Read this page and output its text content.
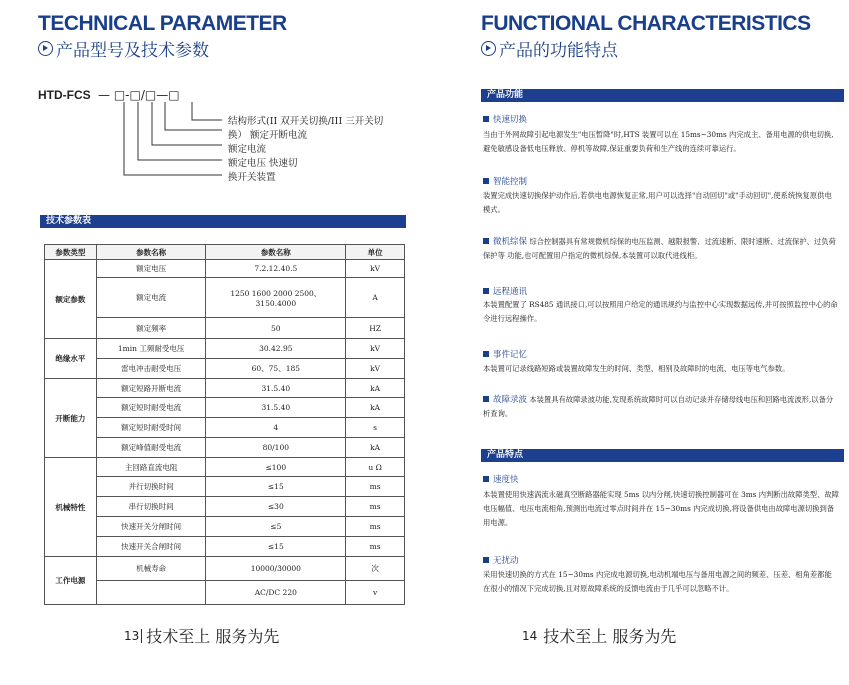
TECHNICAL PARAMETER
产品型号及技术参数
HTD-FCS — □-□/□—□
结构形式(II 双开关切换/III 三开关切
换） 额定开断电流
额定电流
额定电压 快速切
换开关装置
技术参数表
参数类型	参数名称	参数名称	单位
额定参数	额定电压	7.2.12.40.5	kV
	额定电流	1250 1600 2000 2500、3150.4000	A
	额定频率	50	HZ
绝缘水平	1min 工频耐受电压	30.42.95	kV
	雷电冲击耐受电压	60、75、185	kV
开断能力	额定短路开断电流	31.5.40	kA
	额定短时耐受电流	31.5.40	kA
	额定短时耐受时间	4	s
	额定峰值耐受电流	80/100	kA
机械特性	主回路直流电阻	≤100	u Ω
	并行切换时间	≤15	ms
	串行切换时间	≤30	ms
	快速开关分闸时间	≤5	ms
	快速开关合闸时间	≤15	ms
工作电源	机械寿命	10000/30000	次
		AC/DC 220	v
13 技术至上 服务为先
FUNCTIONAL CHARACTERISTICS
产品的功能特点
产品功能
快速切换
当由于外网故障引起电源发生"电压暂降"时,HTS 装置可以在 15ms~30ms 内完成主、备用电源的供电切换,避免敏感设备低电压释放、停机等故障,保证重要负荷和生产线的连续可靠运行。
智能控制
装置完成快速切换保护动作后,若供电电源恢复正常,用户可以选择"自动回切"或"手动回切",使系统恢复原供电模式。
微机综保 综合控制器具有常规微机综保的电压监测、越限报警、过流速断、限时速断、过流保护、过负荷保护等 功能,也可配置用户指定的微机综保,本装置可以取代进线柜。
远程通讯
本装置配置了 RS485 通讯接口,可以按照用户给定的通讯规约与监控中心实现数据远传,并可按照监控中心的命令进行远程操作。
事件记忆
本装置可记录线路短路或装置故障发生的时间、类型、相别及故障时的电流、电压等电气参数。
故障录波 本装置具有故障录波功能,发现系统故障时可以自动记录并存储母线电压和回路电流波形,以备分 析查询。
产品特点
速度快
本装置使用快速涡流永磁真空断路器能实现 5ms 以内分闸,快速切换控制器可在 3ms 内判断出故障类型、故障电压幅值、电压电流相角,预测出电流过零点时间并在 15~30ms 内完成切换,将设备供电由故障电源切换到备用电源。
无扰动
采用快速切换的方式在 15~30ms 内完成电源切换,电动机端电压与备用电源之间的频差、压差、相角差都能在很小的情况下完成切换,且对原故障系统的反馈电流由于几乎可以忽略不计。
14 技术至上 服务为先
